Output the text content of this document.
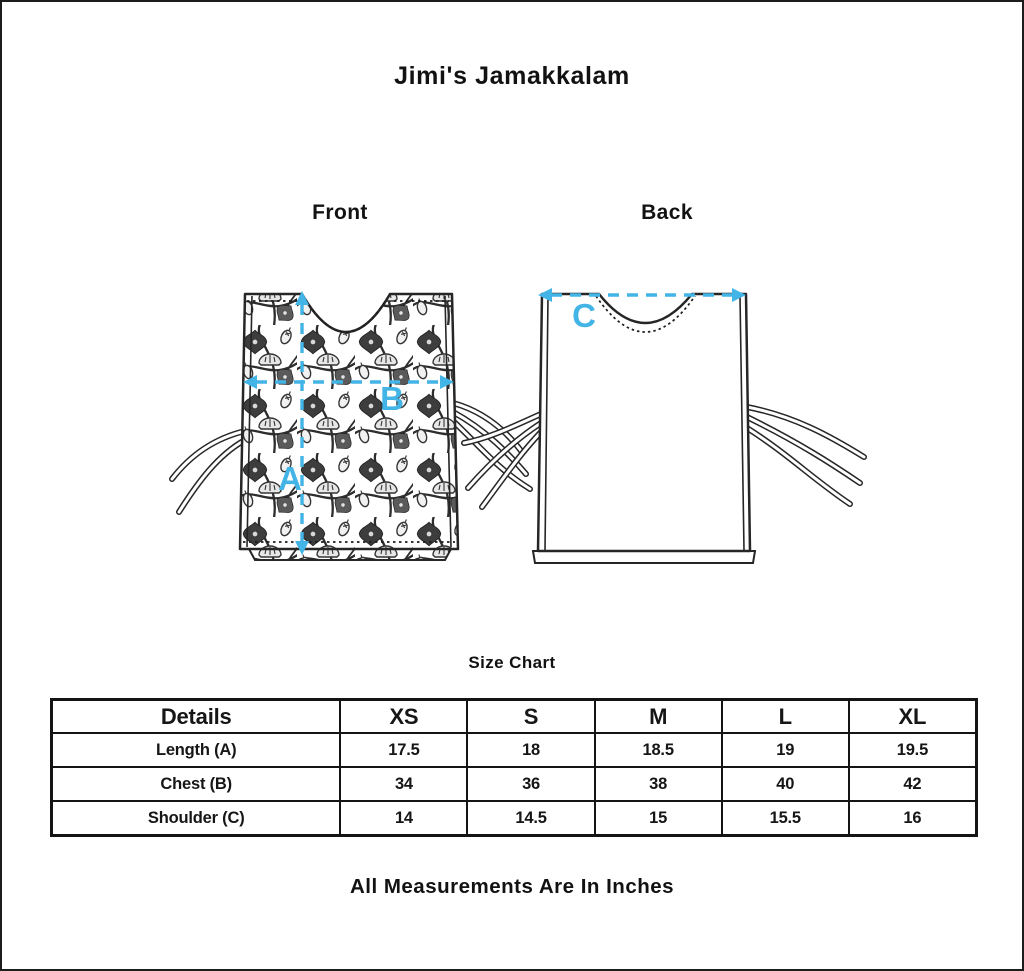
Jimi's Jamakkalam
Front	Back
A
B
C
Size Chart
Details	XS	S	M	L	XL
Length (A)	17.5	18	18.5	19	19.5
Chest (B)	34	36	38	40	42
Shoulder (C)	14	14.5	15	15.5	16
All Measurements Are In Inches
